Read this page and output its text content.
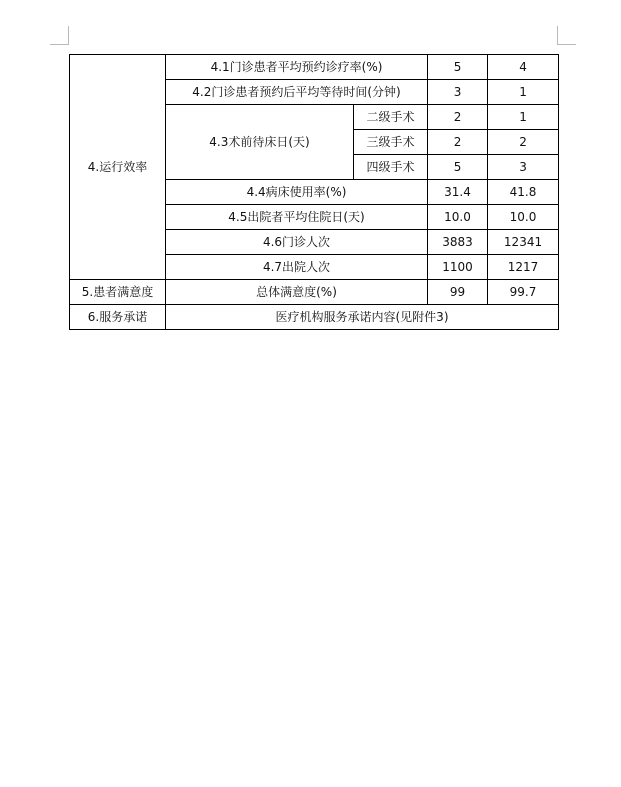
4.运行效率	4.1门诊患者平均预约诊疗率(%)		5	4
	4.2门诊患者预约后平均等待时间(分钟)		3	1
	4.3术前待床日(天)	二级手术	2	1
		三级手术	2	2
		四级手术	5	3
	4.4病床使用率(%)		31.4	41.8
	4.5出院者平均住院日(天)		10.0	10.0
	4.6门诊人次		3883	12341
	4.7出院人次		1100	1217
5.患者满意度	总体满意度(%)		99	99.7
6.服务承诺	医疗机构服务承诺内容(见附件3)			
